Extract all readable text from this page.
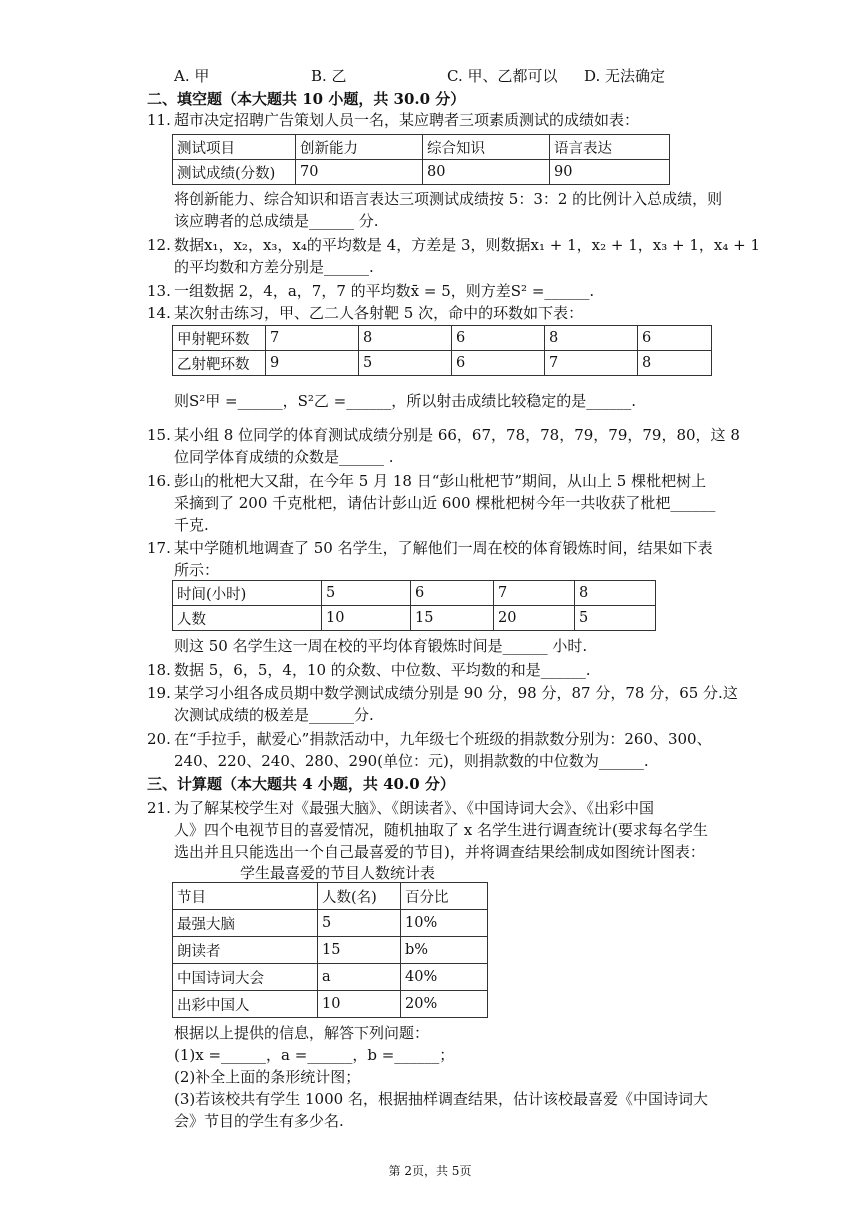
A. 甲	B. 乙	C. 甲、乙都可以 D. 无法确定
二、填空题（本大题共 10 小题，共 30.0 分）
11. 超市决定招聘广告策划人员一名，某应聘者三项素质测试的成绩如表：
测试项目	创新能力	综合知识	语言表达
测试成绩(分数)	70	80	90
将创新能力、综合知识和语言表达三项测试成绩按 5：3：2 的比例计入总成绩，则
该应聘者的总成绩是______ 分.
12. 数据x₁，x₂，x₃，x₄的平均数是 4，方差是 3，则数据x₁ + 1，x₂ + 1，x₃ + 1，x₄ + 1
的平均数和方差分别是______.
13. 一组数据 2，4，a，7，7 的平均数x̄ = 5，则方差S² =______.
14. 某次射击练习，甲、乙二人各射靶 5 次，命中的环数如下表：
甲射靶环数	7	8	6	8	6
乙射靶环数	9	5	6	7	8
则S²甲 =______，S²乙 =______，所以射击成绩比较稳定的是______.
15. 某小组 8 位同学的体育测试成绩分别是 66，67，78，78，79，79，79，80，这 8
位同学体育成绩的众数是______ .
16. 彭山的枇杷大又甜，在今年 5 月 18 日“彭山枇杷节”期间，从山上 5 棵枇杷树上
采摘到了 200 千克枇杷，请估计彭山近 600 棵枇杷树今年一共收获了枇杷______
千克.
17. 某中学随机地调查了 50 名学生，了解他们一周在校的体育锻炼时间，结果如下表
所示：
时间(小时)	5	6	7	8
人数	10	15	20	5
则这 50 名学生这一周在校的平均体育锻炼时间是______ 小时.
18. 数据 5，6，5，4，10 的众数、中位数、平均数的和是______.
19. 某学习小组各成员期中数学测试成绩分别是 90 分，98 分，87 分，78 分，65 分.这
次测试成绩的极差是______分.
20. 在“手拉手，献爱心”捐款活动中，九年级七个班级的捐款数分别为：260、300、
240、220、240、280、290(单位：元)，则捐款数的中位数为______.
三、计算题（本大题共 4 小题，共 40.0 分）
21. 为了解某校学生对《最强大脑》、《朗读者》、《中国诗词大会》、《出彩中国
人》四个电视节目的喜爱情况，随机抽取了 x 名学生进行调查统计(要求每名学生
选出并且只能选出一个自己最喜爱的节目)，并将调查结果绘制成如图统计图表：
学生最喜爱的节目人数统计表
节目	人数(名)	百分比
最强大脑	5	10%
朗读者	15	b%
中国诗词大会	a	40%
出彩中国人	10	20%
根据以上提供的信息，解答下列问题：
(1)x =______，a =______，b =______；
(2)补全上面的条形统计图；
(3)若该校共有学生 1000 名，根据抽样调查结果，估计该校最喜爱《中国诗词大
会》节目的学生有多少名.
第 2页，共 5页
